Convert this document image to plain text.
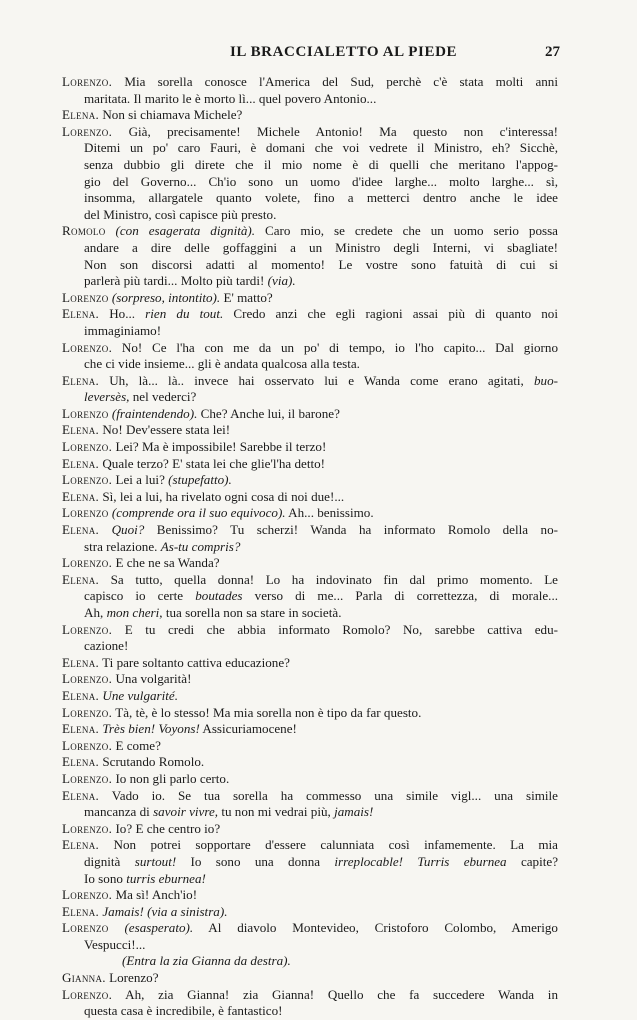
IL BRACCIALETTO AL PIEDE	27
Lorenzo. Mia sorella conosce l'America del Sud, perchè c'è stata molti anni
maritata. Il marito le è morto lì... quel povero Antonio...
Elena. Non si chiamava Michele?
Lorenzo. Già, precisamente! Michele Antonio! Ma questo non c'interessa!
Ditemi un po' caro Fauri, è domani che voi vedrete il Ministro, eh? Sicchè,
senza dubbio gli direte che il mio nome è di quelli che meritano l'appog-
gio del Governo... Ch'io sono un uomo d'idee larghe... molto larghe... sì,
insomma, allargatele quanto volete, fino a metterci dentro anche le idee
del Ministro, così capisce più presto.
Romolo (con esagerata dignità). Caro mio, se credete che un uomo serio possa
andare a dire delle goffaggini a un Ministro degli Interni, vi sbagliate!
Non son discorsi adatti al momento! Le vostre sono fatuità di cui si
parlerà più tardi... Molto più tardi! (via).
Lorenzo (sorpreso, intontito). E' matto?
Elena. Ho... rien du tout. Credo anzi che egli ragioni assai più di quanto noi
immaginiamo!
Lorenzo. No! Ce l'ha con me da un po' di tempo, io l'ho capito... Dal giorno
che ci vide insieme... gli è andata qualcosa alla testa.
Elena. Uh, là... là.. invece hai osservato lui e Wanda come erano agitati, buo-
leversès, nel vederci?
Lorenzo (fraintendendo). Che? Anche lui, il barone?
Elena. No! Dev'essere stata lei!
Lorenzo. Lei? Ma è impossibile! Sarebbe il terzo!
Elena. Quale terzo? E' stata lei che glie'l'ha detto!
Lorenzo. Lei a lui? (stupefatto).
Elena. Sì, lei a lui, ha rivelato ogni cosa di noi due!...
Lorenzo (comprende ora il suo equivoco). Ah... benissimo.
Elena. Quoi? Benissimo? Tu scherzi! Wanda ha informato Romolo della no-
stra relazione. As-tu compris?
Lorenzo. E che ne sa Wanda?
Elena. Sa tutto, quella donna! Lo ha indovinato fin dal primo momento. Le
capisco io certe boutades verso di me... Parla di correttezza, di morale...
Ah, mon cheri, tua sorella non sa stare in società.
Lorenzo. E tu credi che abbia informato Romolo? No, sarebbe cattiva edu-
cazione!
Elena. Ti pare soltanto cattiva educazione?
Lorenzo. Una volgarità!
Elena. Une vulgarité.
Lorenzo. Tà, tè, è lo stesso! Ma mia sorella non è tipo da far questo.
Elena. Très bien! Voyons! Assicuriamocene!
Lorenzo. E come?
Elena. Scrutando Romolo.
Lorenzo. Io non gli parlo certo.
Elena. Vado io. Se tua sorella ha commesso una simile vigl... una simile
mancanza di savoir vivre, tu non mi vedrai più, jamais!
Lorenzo. Io? E che centro io?
Elena. Non potrei sopportare d'essere calunniata così infamemente. La mia
dignità surtout! Io sono una donna irreplocable! Turris eburnea capite?
Io sono turris eburnea!
Lorenzo. Ma sì! Anch'io!
Elena. Jamais! (via a sinistra).
Lorenzo (esasperato). Al diavolo Montevideo, Cristoforo Colombo, Amerigo
Vespucci!...
(Entra la zia Gianna da destra).
Gianna. Lorenzo?
Lorenzo. Ah, zia Gianna! zia Gianna! Quello che fa succedere Wanda in
questa casa è incredibile, è fantastico!
